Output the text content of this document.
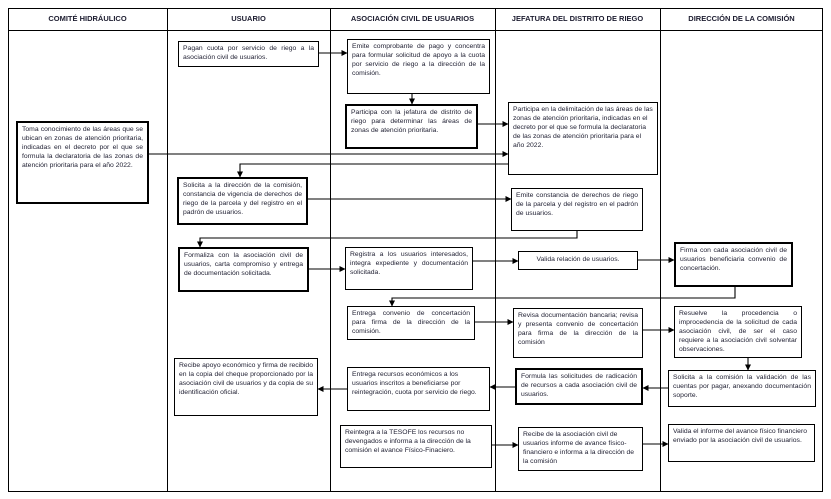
COMITÉ HIDRÁULICO	USUARIO	ASOCIACIÓN CIVIL DE USUARIOS	JEFATURA DEL DISTRITO DE RIEGO	DIRECCIÓN DE LA COMISIÓN
Toma conocimiento de las áreas que se ubican en zonas de atención prioritaria, indicadas en el decreto por el que se formula la declaratoria de las zonas de atención prioritaria para el año 2022.
Pagan cuota por servicio de riego a la asociación civil de usuarios.
Emite comprobante de pago y concentra para formular solicitud de apoyo a la cuota por servicio de riego a la dirección de la comisión.
Participa con la jefatura de distrito de riego para determinar las áreas de zonas de atención prioritaria.
Participa en la delimitación de las áreas de las zonas de atención prioritaria, indicadas en el decreto por el que se formula la declaratoria de las zonas de atención prioritaria para el año 2022.
Solicita a la dirección de la comisión, constancia de vigencia de derechos de riego de la parcela y del registro en el padrón de usuarios.
Emite constancia de derechos de riego de la parcela y del registro en el padrón de usuarios.
Formaliza con la asociación civil de usuarios, carta compromiso y entrega de documentación solicitada.
Registra a los usuarios interesados, integra expediente y documentación solicitada.
Valida relación de usuarios.
Firma con cada asociación civil de usuarios beneficiaria convenio de concertación.
Entrega convenio de concertación para firma de la dirección de la comisión.
Revisa documentación bancaria; revisa y presenta convenio de concertación para firma de la dirección de la comisión
Resuelve la procedencia o improcedencia de la solicitud de cada asociación civil, de ser el caso requiere a la asociación civil solventar observaciones.
Solicita a la comisión la validación de las cuentas por pagar, anexando documentación soporte.
Formula las solicitudes de radicación de recursos a cada asociación civil de usuarios.
Entrega recursos económicos a los usuarios inscritos a beneficiarse por reintegración, cuota por servicio de riego.
Recibe apoyo económico y firma de recibido en la copia del cheque proporcionado por la asociación civil de usuarios y da copia de su identificación oficial.
Reintegra a la TESOFE los recursos no devengados e informa a la dirección de la comisión el avance Físico-Finaciero.
Recibe de la asociación civil de usuarios informe de avance físico-financiero e informa a la dirección de la comisión
Valida el informe del avance físico financiero enviado por la asociación civil de usuarios.
